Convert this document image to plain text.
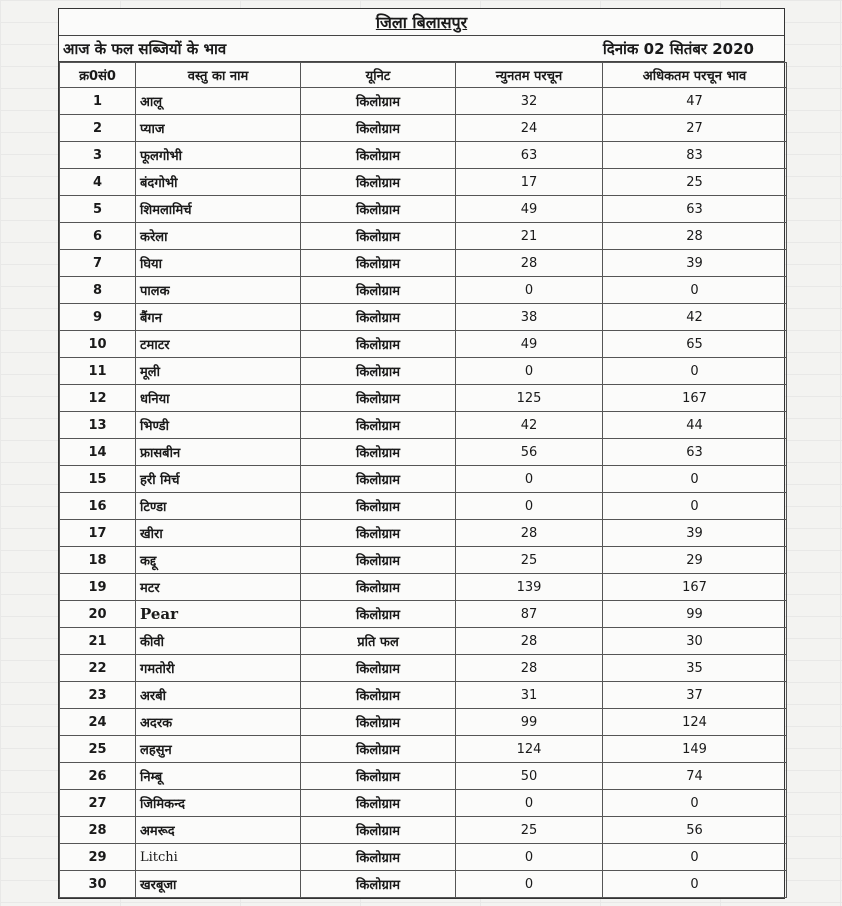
जिला बिलासपुर
आज के फल सब्जियों के भाव	दिनांक 02 सितंबर 2020
क्र0सं0	वस्तु का नाम	यूनिट	न्युनतम परचून	अधिकतम परचून भाव
1	आलू	किलोग्राम	32	47
2	प्याज	किलोग्राम	24	27
3	फूलगोभी	किलोग्राम	63	83
4	बंदगोभी	किलोग्राम	17	25
5	शिमलामिर्च	किलोग्राम	49	63
6	करेला	किलोग्राम	21	28
7	घिया	किलोग्राम	28	39
8	पालक	किलोग्राम	0	0
9	बैंगन	किलोग्राम	38	42
10	टमाटर	किलोग्राम	49	65
11	मूली	किलोग्राम	0	0
12	धनिया	किलोग्राम	125	167
13	भिण्डी	किलोग्राम	42	44
14	फ्रासबीन	किलोग्राम	56	63
15	हरी मिर्च	किलोग्राम	0	0
16	टिण्डा	किलोग्राम	0	0
17	खीरा	किलोग्राम	28	39
18	कद्दू	किलोग्राम	25	29
19	मटर	किलोग्राम	139	167
20	Pear	किलोग्राम	87	99
21	कीवी	प्रति फल	28	30
22	गमतोरी	किलोग्राम	28	35
23	अरबी	किलोग्राम	31	37
24	अदरक	किलोग्राम	99	124
25	लहसुन	किलोग्राम	124	149
26	निम्बू	किलोग्राम	50	74
27	जिमिकन्द	किलोग्राम	0	0
28	अमरूद	किलोग्राम	25	56
29	Litchi	किलोग्राम	0	0
30	खरबूजा	किलोग्राम	0	0
